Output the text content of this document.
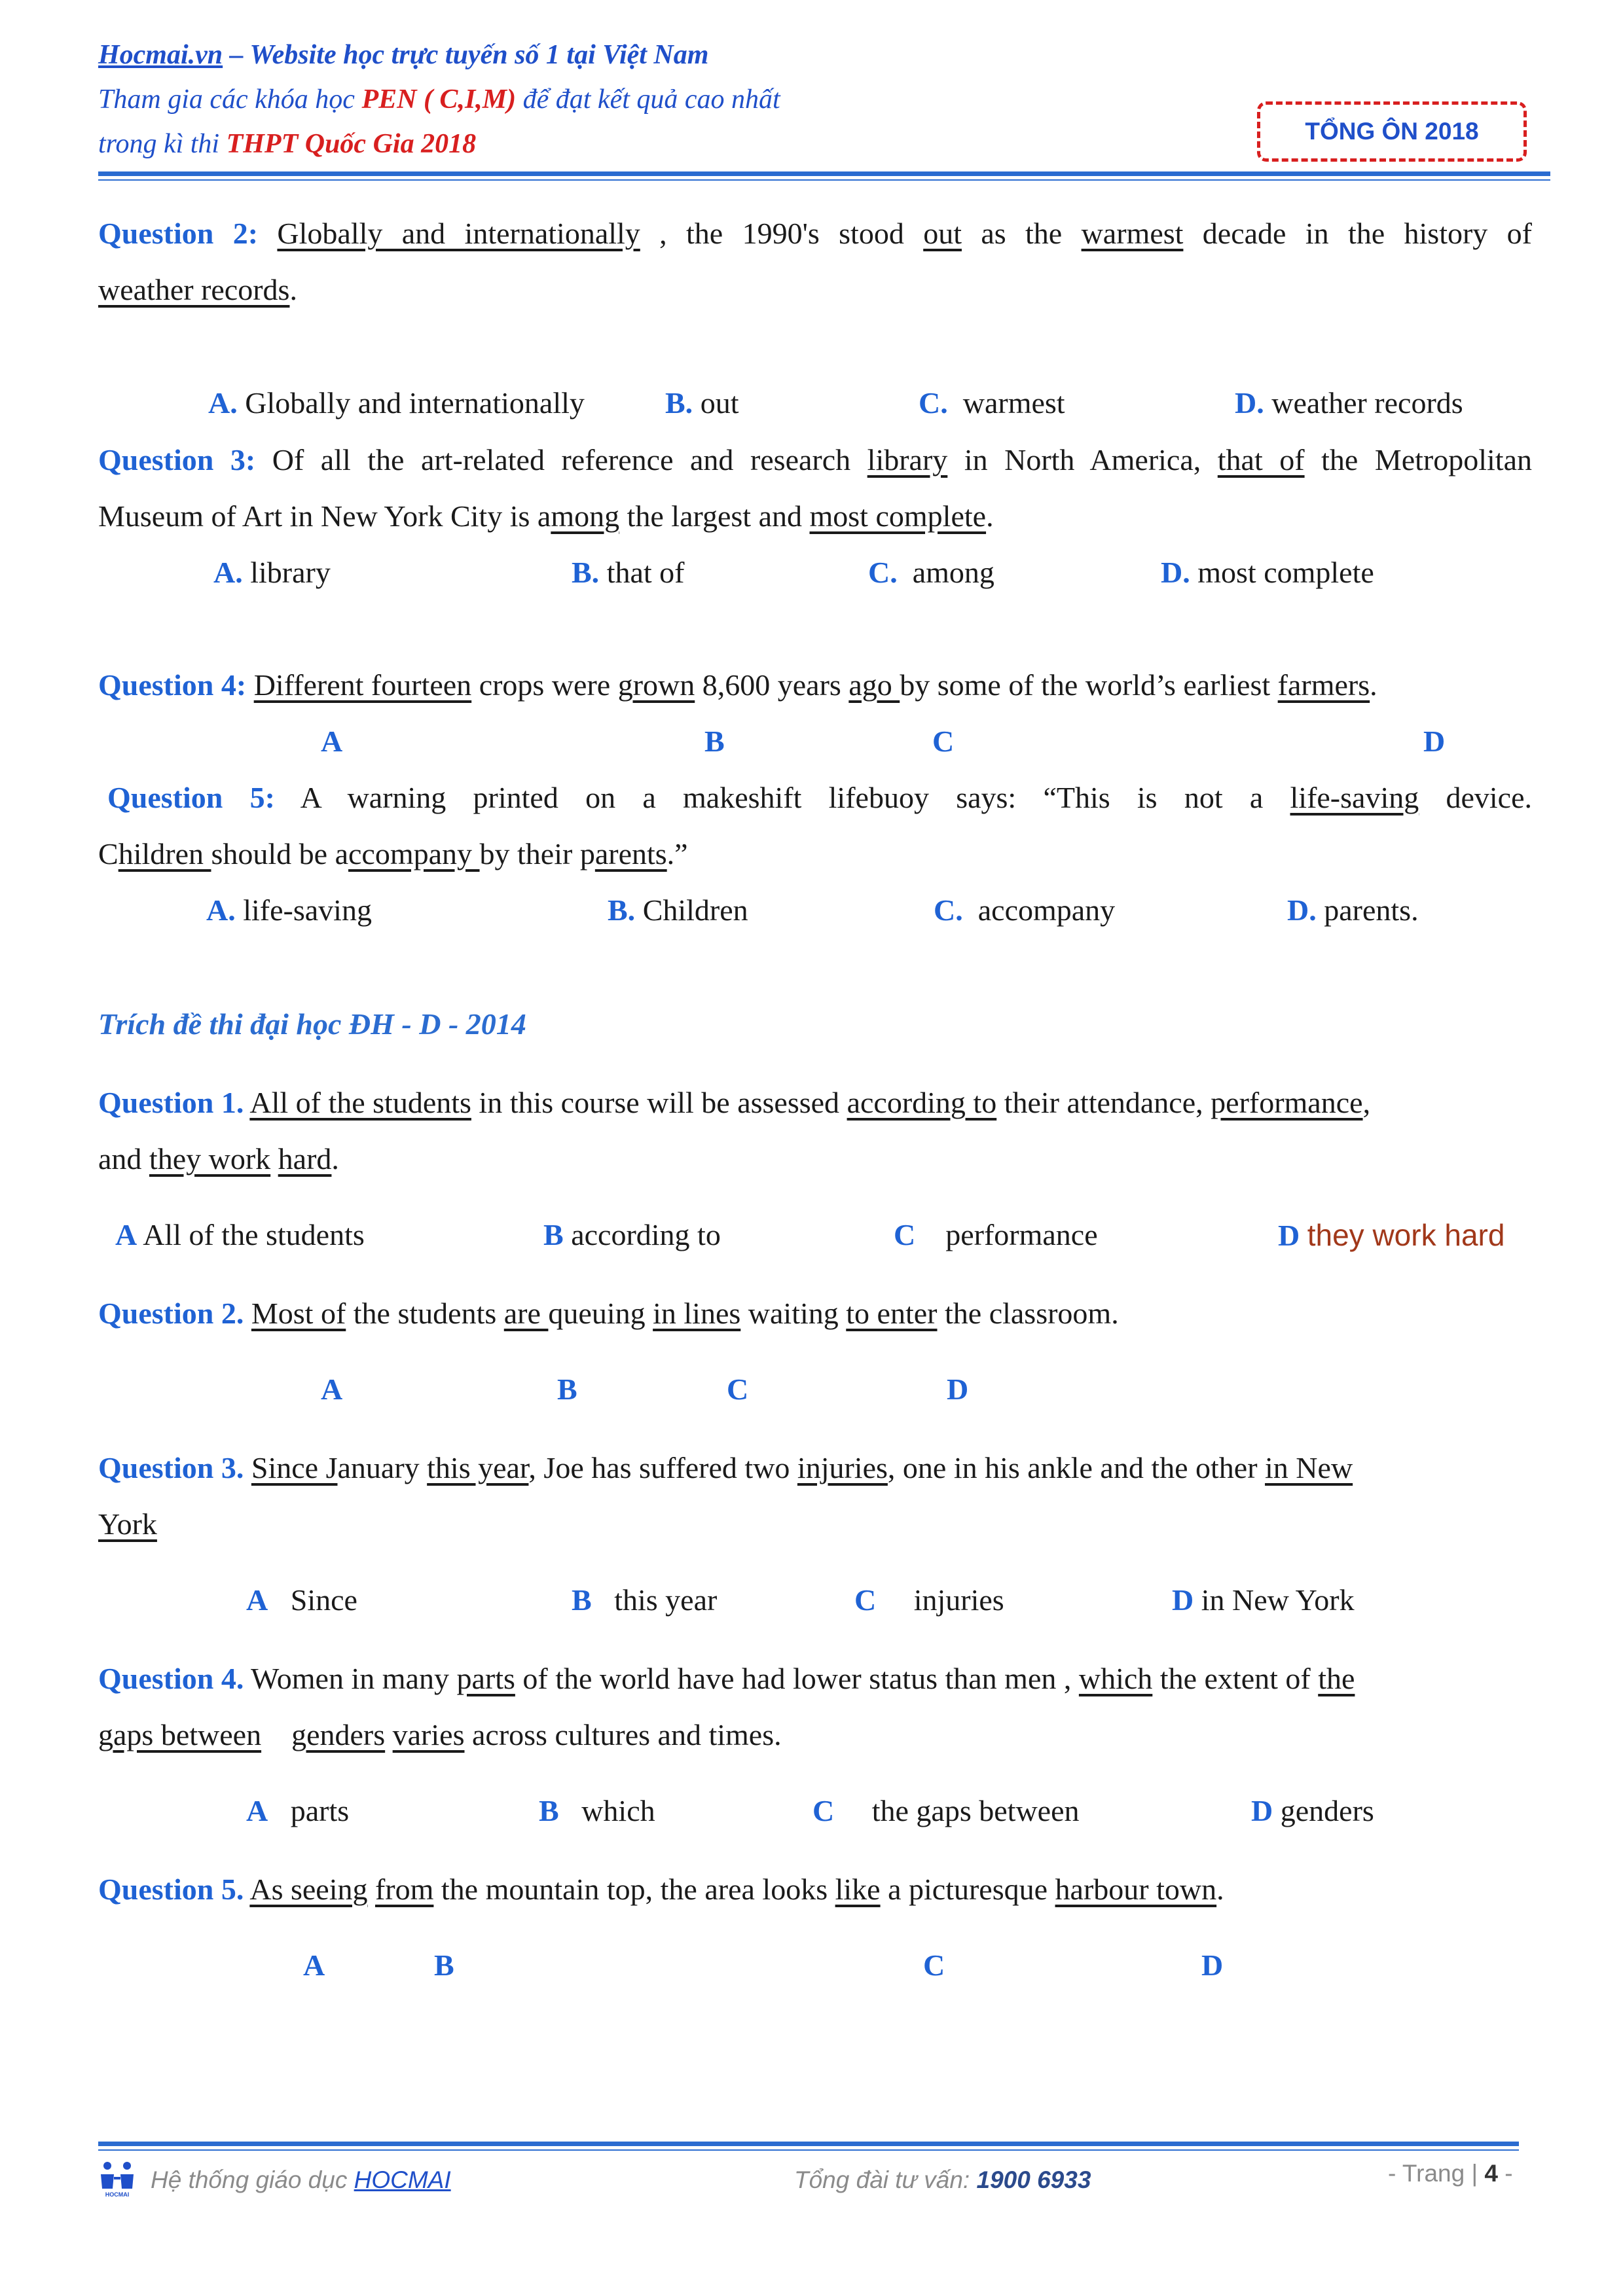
Hocmai.vn – Website học trực tuyến số 1 tại Việt Nam
Tham gia các khóa học PEN ( C,I,M) để đạt kết quả cao nhất
trong kì thi THPT Quốc Gia 2018	TỔNG ÔN 2018
Question 2: Globally and internationally , the 1990's stood out as the warmest decade in the history of
weather records.
A. Globally and internationally	B. out	C. warmest	D. weather records
Question 3: Of all the art-related reference and research library in North America, that of the Metropolitan
Museum of Art in New York City is among the largest and most complete.
A. library	B. that of	C. among	D. most complete
Question 4: Different fourteen crops were grown 8,600 years ago by some of the world’s earliest farmers.
A	B	C	D
Question 5: A warning printed on a makeshift lifebuoy says: “This is not a life-saving device.
Children should be accompany by their parents.”
A. life-saving	B. Children	C. accompany	D. parents.
Trích đề thi đại học ĐH - D - 2014
Question 1. All of the students in this course will be assessed according to their attendance, performance,
and they work hard.
A All of the students	B according to	C performance	D they work hard
Question 2. Most of the students are queuing in lines waiting to enter the classroom.
A	B	C	D
Question 3. Since January this year, Joe has suffered two injuries, one in his ankle and the other in New
York
A Since	B this year	C injuries	D in New York
Question 4. Women in many parts of the world have had lower status than men , which the extent of the
gaps between genders varies across cultures and times.
A parts	B which	C the gaps between	D genders
Question 5. As seeing from the mountain top, the area looks like a picturesque harbour town.
A	B	C	D
HOCMAI
Hệ thống giáo dục HOCMAI	Tổng đài tư vấn: 1900 6933	- Trang | 4 -
